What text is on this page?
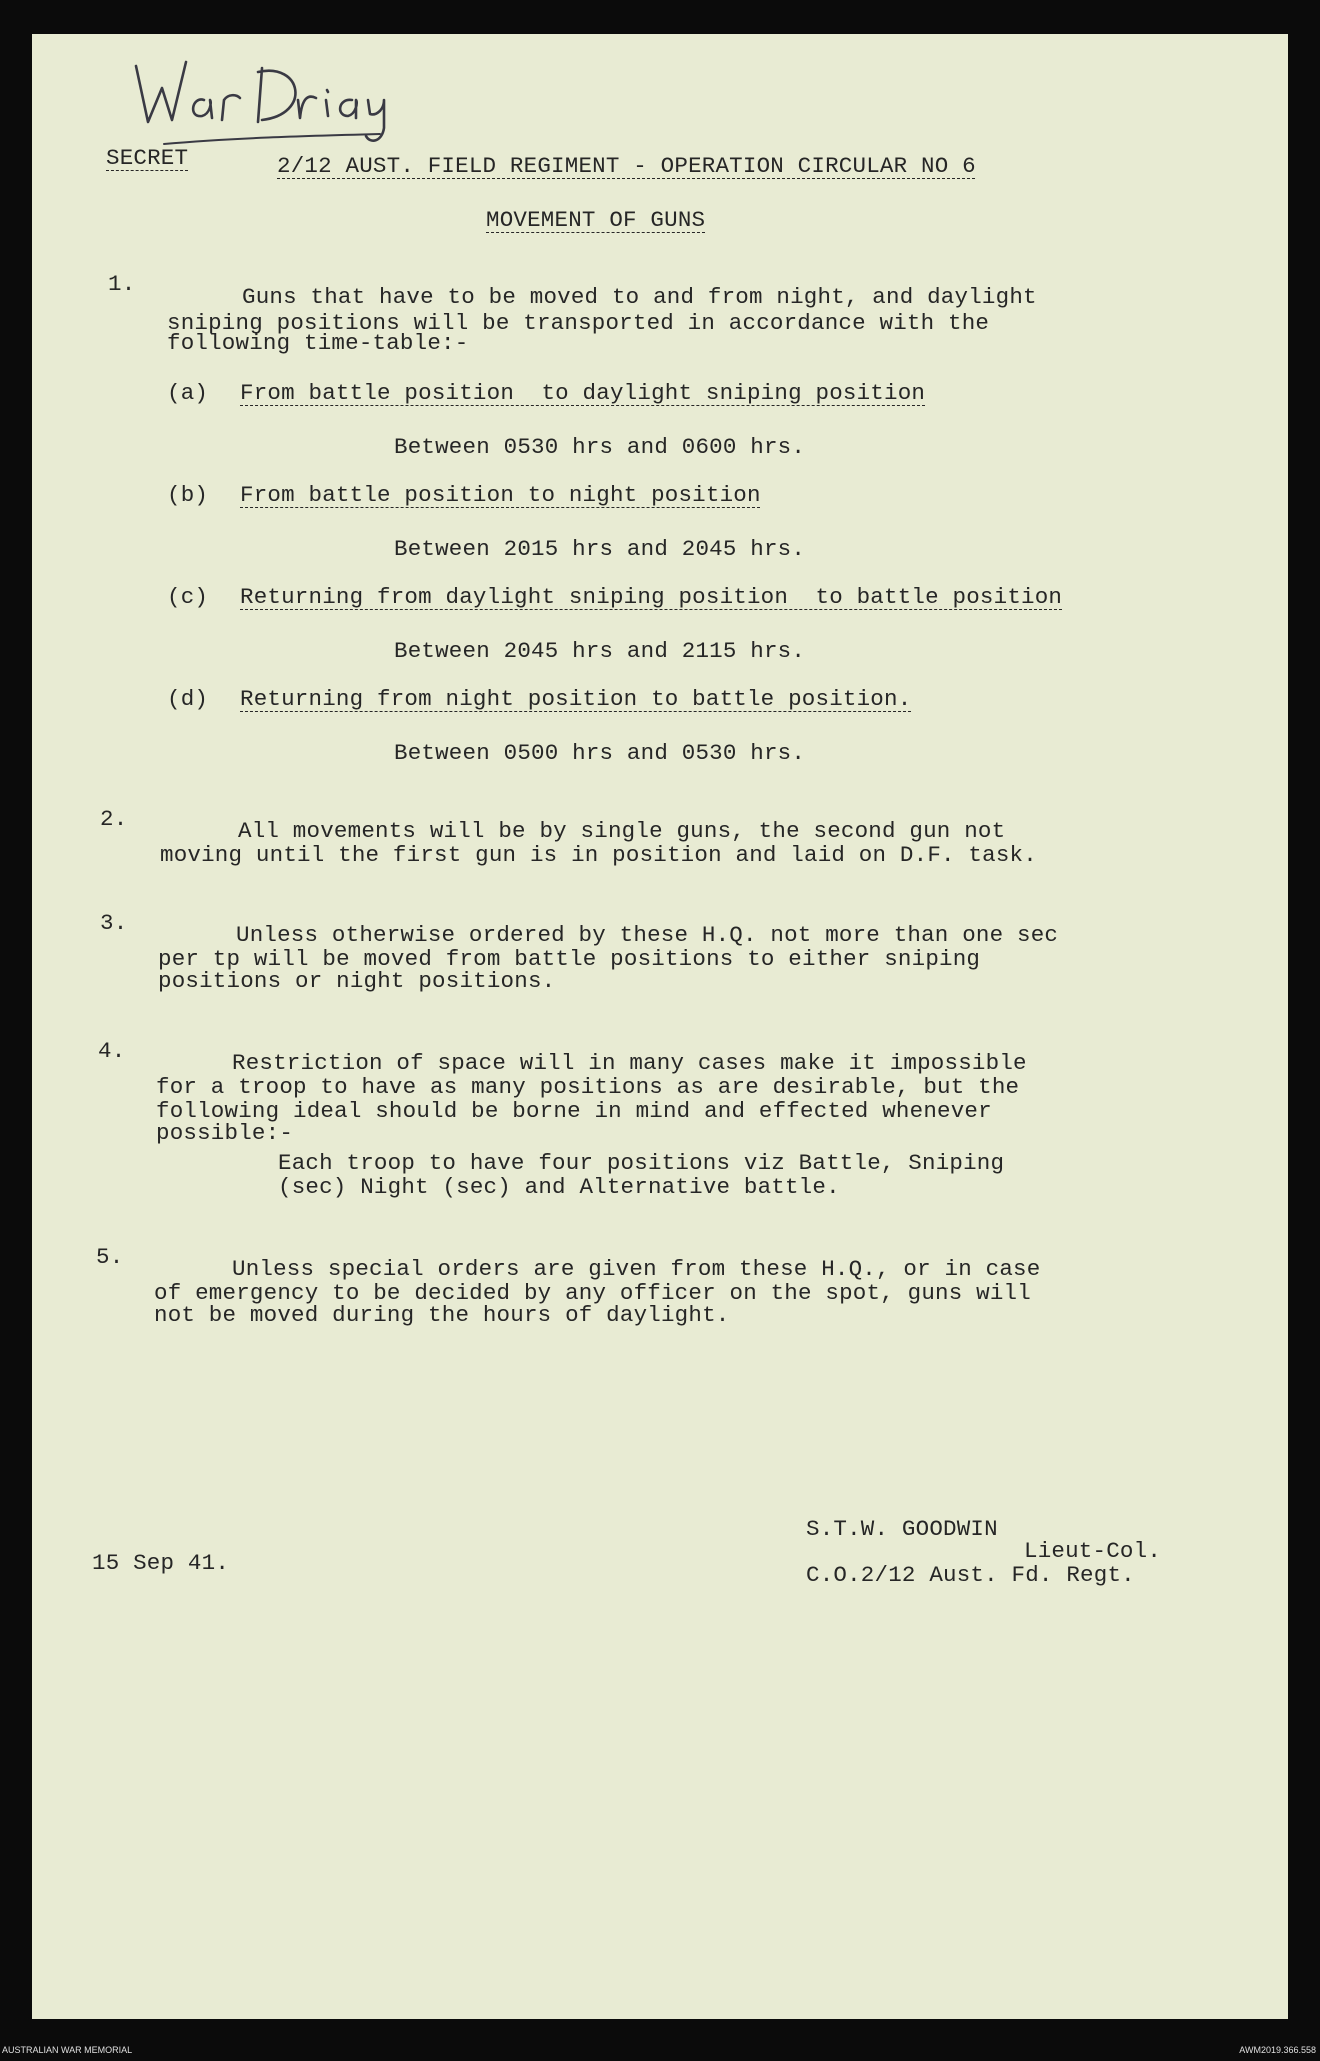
SECRET	2/12 AUST. FIELD REGIMENT - OPERATION CIRCULAR NO 6
MOVEMENT OF GUNS
1.	Guns that have to be moved to and from night, and daylight
sniping positions will be transported in accordance with the
following time-table:-
(a) From battle position  to daylight sniping position
Between 0530 hrs and 0600 hrs.
(b) From battle position to night position
Between 2015 hrs and 2045 hrs.
(c) Returning from daylight sniping position  to battle position
Between 2045 hrs and 2115 hrs.
(d) Returning from night position to battle position.
Between 0500 hrs and 0530 hrs.
2.	All movements will be by single guns, the second gun not
moving until the first gun is in position and laid on D.F. task.
3.	Unless otherwise ordered by these H.Q. not more than one sec
per tp will be moved from battle positions to either sniping
positions or night positions.
4.	Restriction of space will in many cases make it impossible
for a troop to have as many positions as are desirable, but the
following ideal should be borne in mind and effected whenever
possible:-
Each troop to have four positions viz Battle, Sniping
(sec) Night (sec) and Alternative battle.
5.	Unless special orders are given from these H.Q., or in case
of emergency to be decided by any officer on the spot, guns will
not be moved during the hours of daylight.
15 Sep 41.
S.T.W. GOODWIN
Lieut-Col.
C.O.2/12 Aust. Fd. Regt.
AUSTRALIAN WAR MEMORIAL	AWM2019.366.558
